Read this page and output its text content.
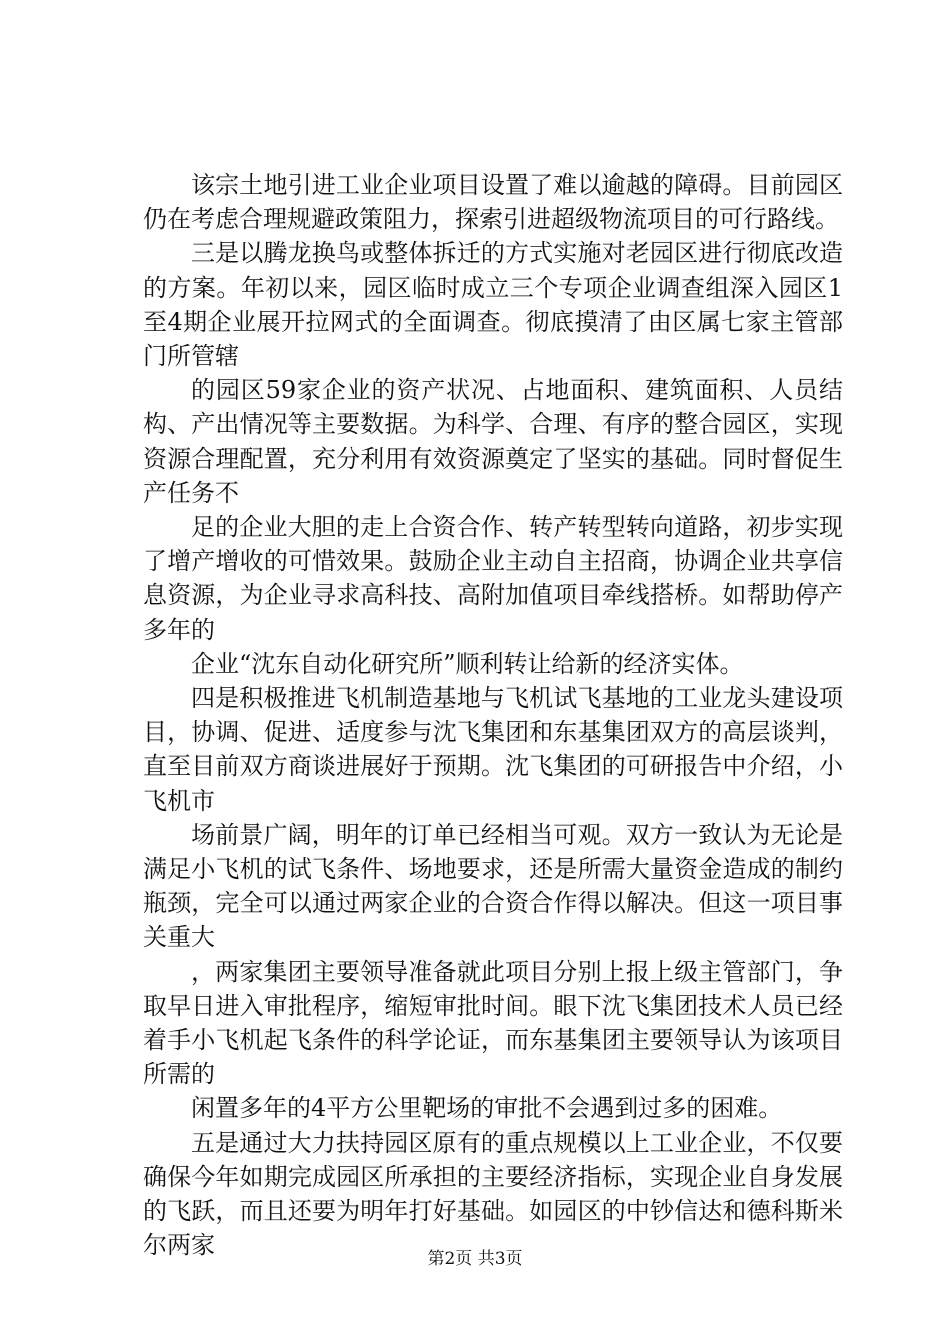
该宗土地引进工业企业项目设置了难以逾越的障碍。目前园区仍在考虑合理规避政策阻力，探索引进超级物流项目的可行路线。

三是以腾龙换鸟或整体拆迁的方式实施对老园区进行彻底改造的方案。年初以来，园区临时成立三个专项企业调查组深入园区1至4期企业展开拉网式的全面调查。彻底摸清了由区属七家主管部门所管辖

的园区59家企业的资产状况、占地面积、建筑面积、人员结构、产出情况等主要数据。为科学、合理、有序的整合园区，实现资源合理配置，充分利用有效资源奠定了坚实的基础。同时督促生产任务不

足的企业大胆的走上合资合作、转产转型转向道路，初步实现了增产增收的可惜效果。鼓励企业主动自主招商，协调企业共享信息资源，为企业寻求高科技、高附加值项目牵线搭桥。如帮助停产多年的

企业“沈东自动化研究所”顺利转让给新的经济实体。

四是积极推进飞机制造基地与飞机试飞基地的工业龙头建设项目，协调、促进、适度参与沈飞集团和东基集团双方的高层谈判，直至目前双方商谈进展好于预期。沈飞集团的可研报告中介绍，小飞机市

场前景广阔，明年的订单已经相当可观。双方一致认为无论是满足小飞机的试飞条件、场地要求，还是所需大量资金造成的制约瓶颈，完全可以通过两家企业的合资合作得以解决。但这一项目事关重大

，两家集团主要领导准备就此项目分别上报上级主管部门，争取早日进入审批程序，缩短审批时间。眼下沈飞集团技术人员已经着手小飞机起飞条件的科学论证，而东基集团主要领导认为该项目所需的

闲置多年的4平方公里靶场的审批不会遇到过多的困难。

五是通过大力扶持园区原有的重点规模以上工业企业，不仅要确保今年如期完成园区所承担的主要经济指标，实现企业自身发展的飞跃，而且还要为明年打好基础。如园区的中钞信达和德科斯米尔两家	第2页 共3页
